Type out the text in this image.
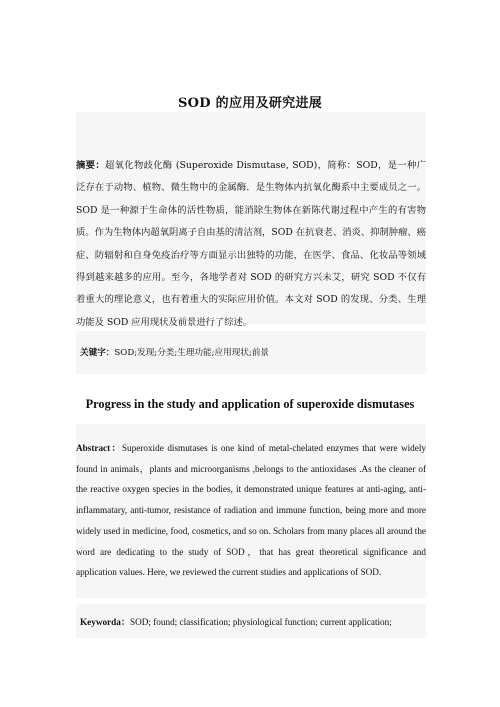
SOD 的应用及研究进展

摘要：超氧化物歧化酶 (Superoxide Dismutase, SOD)，简称：SOD，是一种广泛存在于动物、植物、微生物中的金属酶．是生物体内抗氧化酶系中主要成员之一。SOD 是一种源于生命体的活性物质，能消除生物体在新陈代谢过程中产生的有害物质。作为生物体内超氧阴离子自由基的清洁剂，SOD 在抗衰老、消炎、抑制肿瘤、癌症、防辐射和自身免疫治疗等方面显示出独特的功能，在医学、食品、化妆品等领域得到越来越多的应用。至今，各地学者对 SOD 的研究方兴未艾，研究 SOD 不仅有着重大的理论意义，也有着重大的实际应用价值。本文对 SOD 的发现、分类、生理功能及 SOD 应用现状及前景进行了综述。

关键字：SOD;发现;分类;生理功能;应用现状;前景

Progress in the study and application of superoxide dismutases

Abstract：Superoxide dismutases is one kind of metal-chelated enzymes that were widely found in animals，plants and microorganisms ,belongs to the antioxidases .As the cleaner of the reactive oxygen species in the bodies, it demonstrated unique features at anti-aging, anti-inflammatary, anti-tumor, resistance of radiation and immune function, being more and more widely used in medicine, food, cosmetics, and so on. Scholars from many places all around the word are dedicating to the study of SOD，that has great theoretical significance and application values. Here, we reviewed the current studies and applications of SOD.

Keyworda：SOD; found; classification; physiological function; current application;
